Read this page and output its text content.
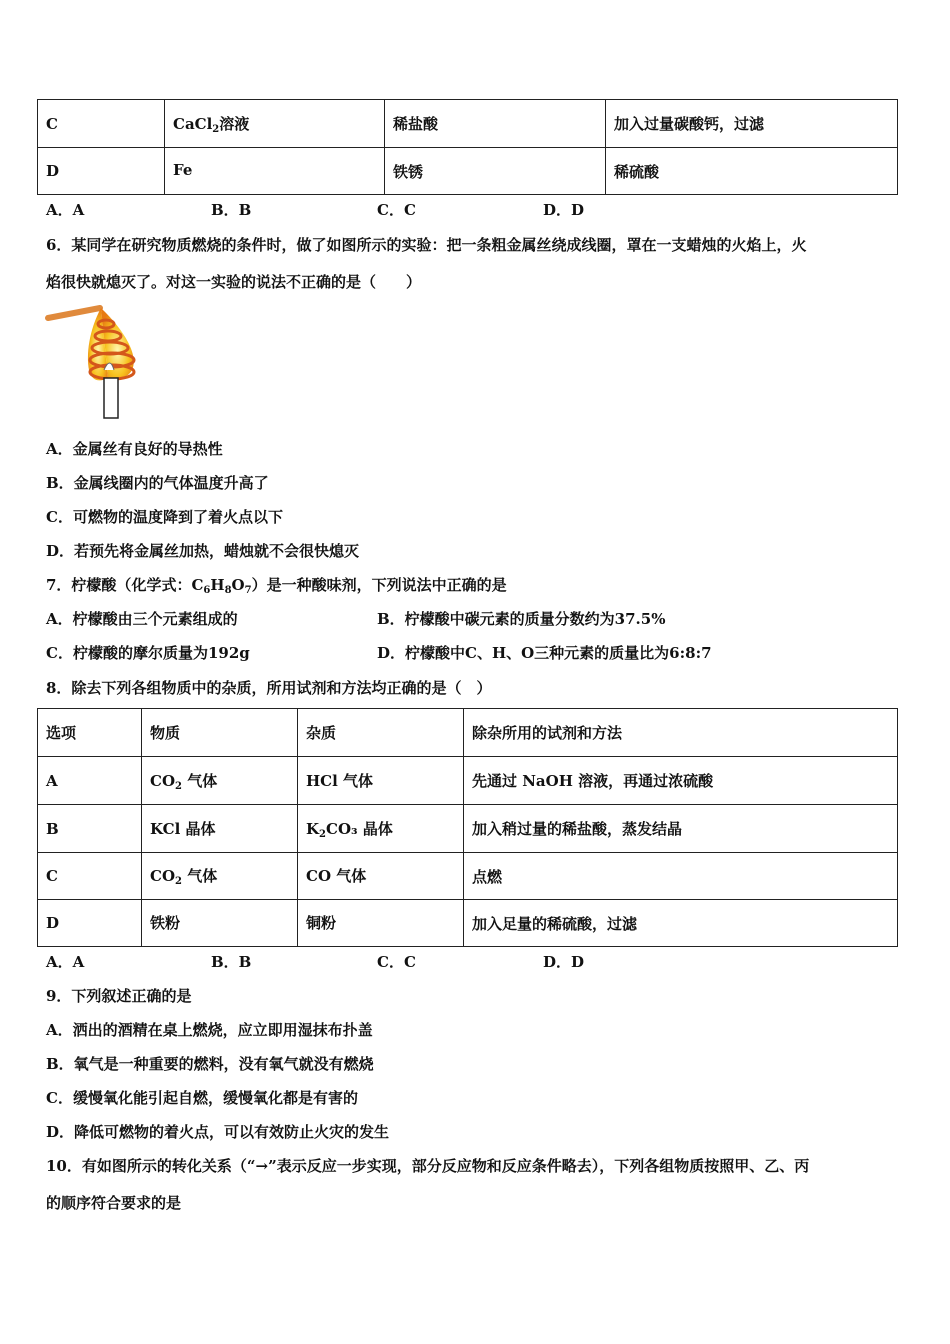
C	CaCl$_2$溶液	稀盐酸	加入过量碳酸钙，过滤
D	Fe	铁锈	稀硫酸
A．A	B．B	C．C	D．D
6．某同学在研究物质燃烧的条件时，做了如图所示的实验：把一条粗金属丝绕成线圈，罩在一支蜡烛的火焰上，火
焰很快就熄灭了。对这一实验的说法不正确的是（　　）
A．金属丝有良好的导热性
B．金属线圈内的气体温度升高了
C．可燃物的温度降到了着火点以下
D．若预先将金属丝加热，蜡烛就不会很快熄灭
7．柠檬酸（化学式：$C_6H_8O_7$）是一种酸味剂，下列说法中正确的是
A．柠檬酸由三个元素组成的	B．柠檬酸中碳元素的质量分数约为37.5%
C．柠檬酸的摩尔质量为192g	D．柠檬酸中C、H、O三种元素的质量比为6:8:7
8．除去下列各组物质中的杂质，所用试剂和方法均正确的是（　）
选项	物质	杂质	除杂所用的试剂和方法
A	$CO_2$ 气体	HCl 气体	先通过 NaOH 溶液，再通过浓硫酸
B	KCl 晶体	$K_2CO_3$ 晶体	加入稍过量的稀盐酸，蒸发结晶
C	$CO_2$ 气体	CO 气体	点燃
D	铁粉	铜粉	加入足量的稀硫酸，过滤
A．A	B．B	C．C	D．D
9．下列叙述正确的是
A．洒出的酒精在桌上燃烧，应立即用湿抹布扑盖
B．氧气是一种重要的燃料，没有氧气就没有燃烧
C．缓慢氧化能引起自燃，缓慢氧化都是有害的
D．降低可燃物的着火点，可以有效防止火灾的发生
10．有如图所示的转化关系（“→”表示反应一步实现，部分反应物和反应条件略去），下列各组物质按照甲、乙、丙
的顺序符合要求的是
